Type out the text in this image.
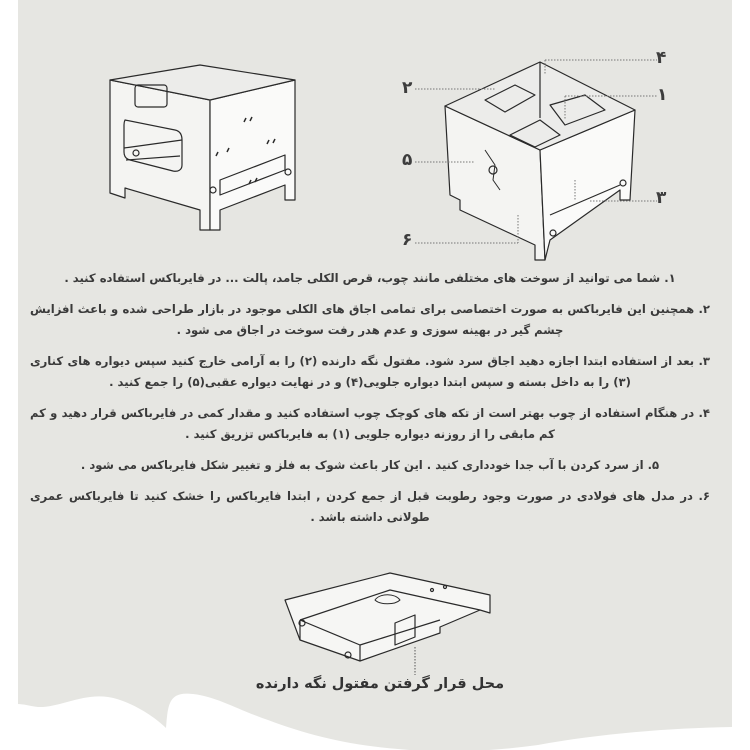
۴
۲	۱
۵
۳
۶

۱. شما می توانید از سوخت های مختلفی مانند چوب، قرص الکلی جامد، پالت ... در فایرباکس استفاده کنید .

۲. همچنین این فایرباکس به صورت اختصاصی برای تمامی اجاق های الکلی موجود در بازار طراحی شده و باعث افزایش چشم گیر در بهینه سوزی و عدم هدر رفت سوخت در اجاق می شود .

۳. بعد از استفاده ابتدا اجازه دهید اجاق سرد شود. مفتول نگه دارنده (۲) را به آرامی خارج کنید سپس دیواره های کناری (۳) را به داخل بسته و سپس ابتدا دیواره جلویی(۴) و در نهایت دیواره عقبی(۵) را جمع کنید .

۴. در هنگام استفاده از چوب بهتر است از تکه های کوچک چوب استفاده کنید و مقدار کمی در فایرباکس قرار دهید و کم کم مابقی را از روزنه دیواره جلویی (۱) به فایرباکس تزریق کنید .

۵. از سرد کردن با آب جدا خودداری کنید . این کار باعث شوک به فلز و تغییر شکل فایرباکس می شود .

۶. در مدل های فولادی در صورت وجود رطوبت قبل از جمع کردن , ابتدا فایرباکس را خشک کنید تا فایرباکس عمری طولانی داشته باشد .

محل قرار گرفتن مفتول نگه دارنده
